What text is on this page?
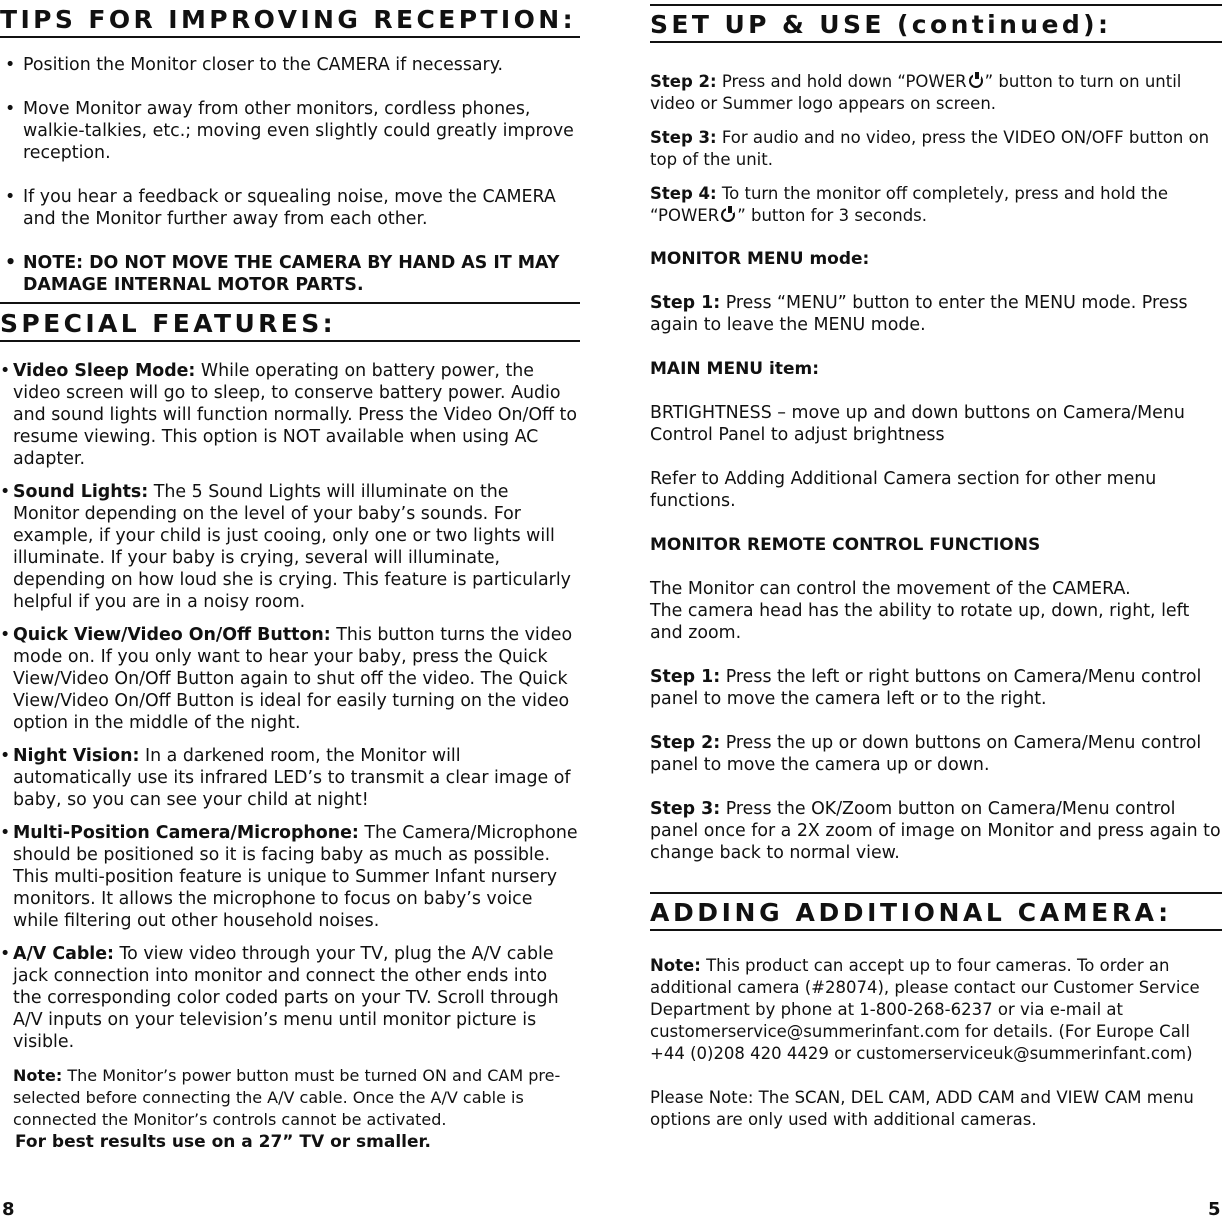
TIPS FOR IMPROVING RECEPTION:
• Position the Monitor closer to the CAMERA if necessary.
• Move Monitor away from other monitors, cordless phones, walkie-talkies, etc.; moving even slightly could greatly improve reception.
• If you hear a feedback or squealing noise, move the CAMERA and the Monitor further away from each other.
• NOTE: DO NOT MOVE THE CAMERA BY HAND AS IT MAY DAMAGE INTERNAL MOTOR PARTS.
SPECIAL FEATURES:
• Video Sleep Mode: While operating on battery power, the video screen will go to sleep, to conserve battery power. Audio and sound lights will function normally. Press the Video On/Off to resume viewing. This option is NOT available when using AC adapter.
• Sound Lights: The 5 Sound Lights will illuminate on the Monitor depending on the level of your baby’s sounds. For example, if your child is just cooing, only one or two lights will illuminate. If your baby is crying, several will illuminate, depending on how loud she is crying. This feature is particularly helpful if you are in a noisy room.
• Quick View/Video On/Off Button: This button turns the video mode on. If you only want to hear your baby, press the Quick View/Video On/Off Button again to shut off the video. The Quick View/Video On/Off Button is ideal for easily turning on the video option in the middle of the night.
• Night Vision: In a darkened room, the Monitor will automatically use its infrared LED’s to transmit a clear image of baby, so you can see your child at night!
• Multi-Position Camera/Microphone: The Camera/Microphone should be positioned so it is facing baby as much as possible. This multi-position feature is unique to Summer Infant nursery monitors. It allows the microphone to focus on baby’s voice while filtering out other household noises.
• A/V Cable: To view video through your TV, plug the A/V cable jack connection into monitor and connect the other ends into the corresponding color coded parts on your TV. Scroll through A/V inputs on your television’s menu until monitor picture is visible.
Note: The Monitor’s power button must be turned ON and CAM pre-selected before connecting the A/V cable. Once the A/V cable is connected the Monitor’s controls cannot be activated.
For best results use on a 27” TV or smaller.
8
SET UP & USE (continued):

Step 2: Press and hold down “POWER ” button to turn on until video or Summer logo appears on screen.

Step 3: For audio and no video, press the VIDEO ON/OFF button on top of the unit.

Step 4: To turn the monitor off completely, press and hold the “POWER ” button for 3 seconds.

MONITOR MENU mode:

Step 1: Press “MENU” button to enter the MENU mode. Press again to leave the MENU mode.

MAIN MENU item:

BRTIGHTNESS – move up and down buttons on Camera/Menu Control Panel to adjust brightness

Refer to Adding Additional Camera section for other menu functions.

MONITOR REMOTE CONTROL FUNCTIONS
The Monitor can control the movement of the CAMERA.
The camera head has the ability to rotate up, down, right, left and zoom.

Step 1: Press the left or right buttons on Camera/Menu control panel to move the camera left or to the right.

Step 2: Press the up or down buttons on Camera/Menu control panel to move the camera up or down.

Step 3: Press the OK/Zoom button on Camera/Menu control panel once for a 2X zoom of image on Monitor and press again to change back to normal view.

ADDING ADDITIONAL CAMERA:

Note: This product can accept up to four cameras. To order an additional camera (#28074), please contact our Customer Service Department by phone at 1-800-268-6237 or via e-mail at customerservice@summerinfant.com for details. (For Europe Call +44 (0)208 420 4429 or customerserviceuk@summerinfant.com)

Please Note: The SCAN, DEL CAM, ADD CAM and VIEW CAM menu options are only used with additional cameras.

5
